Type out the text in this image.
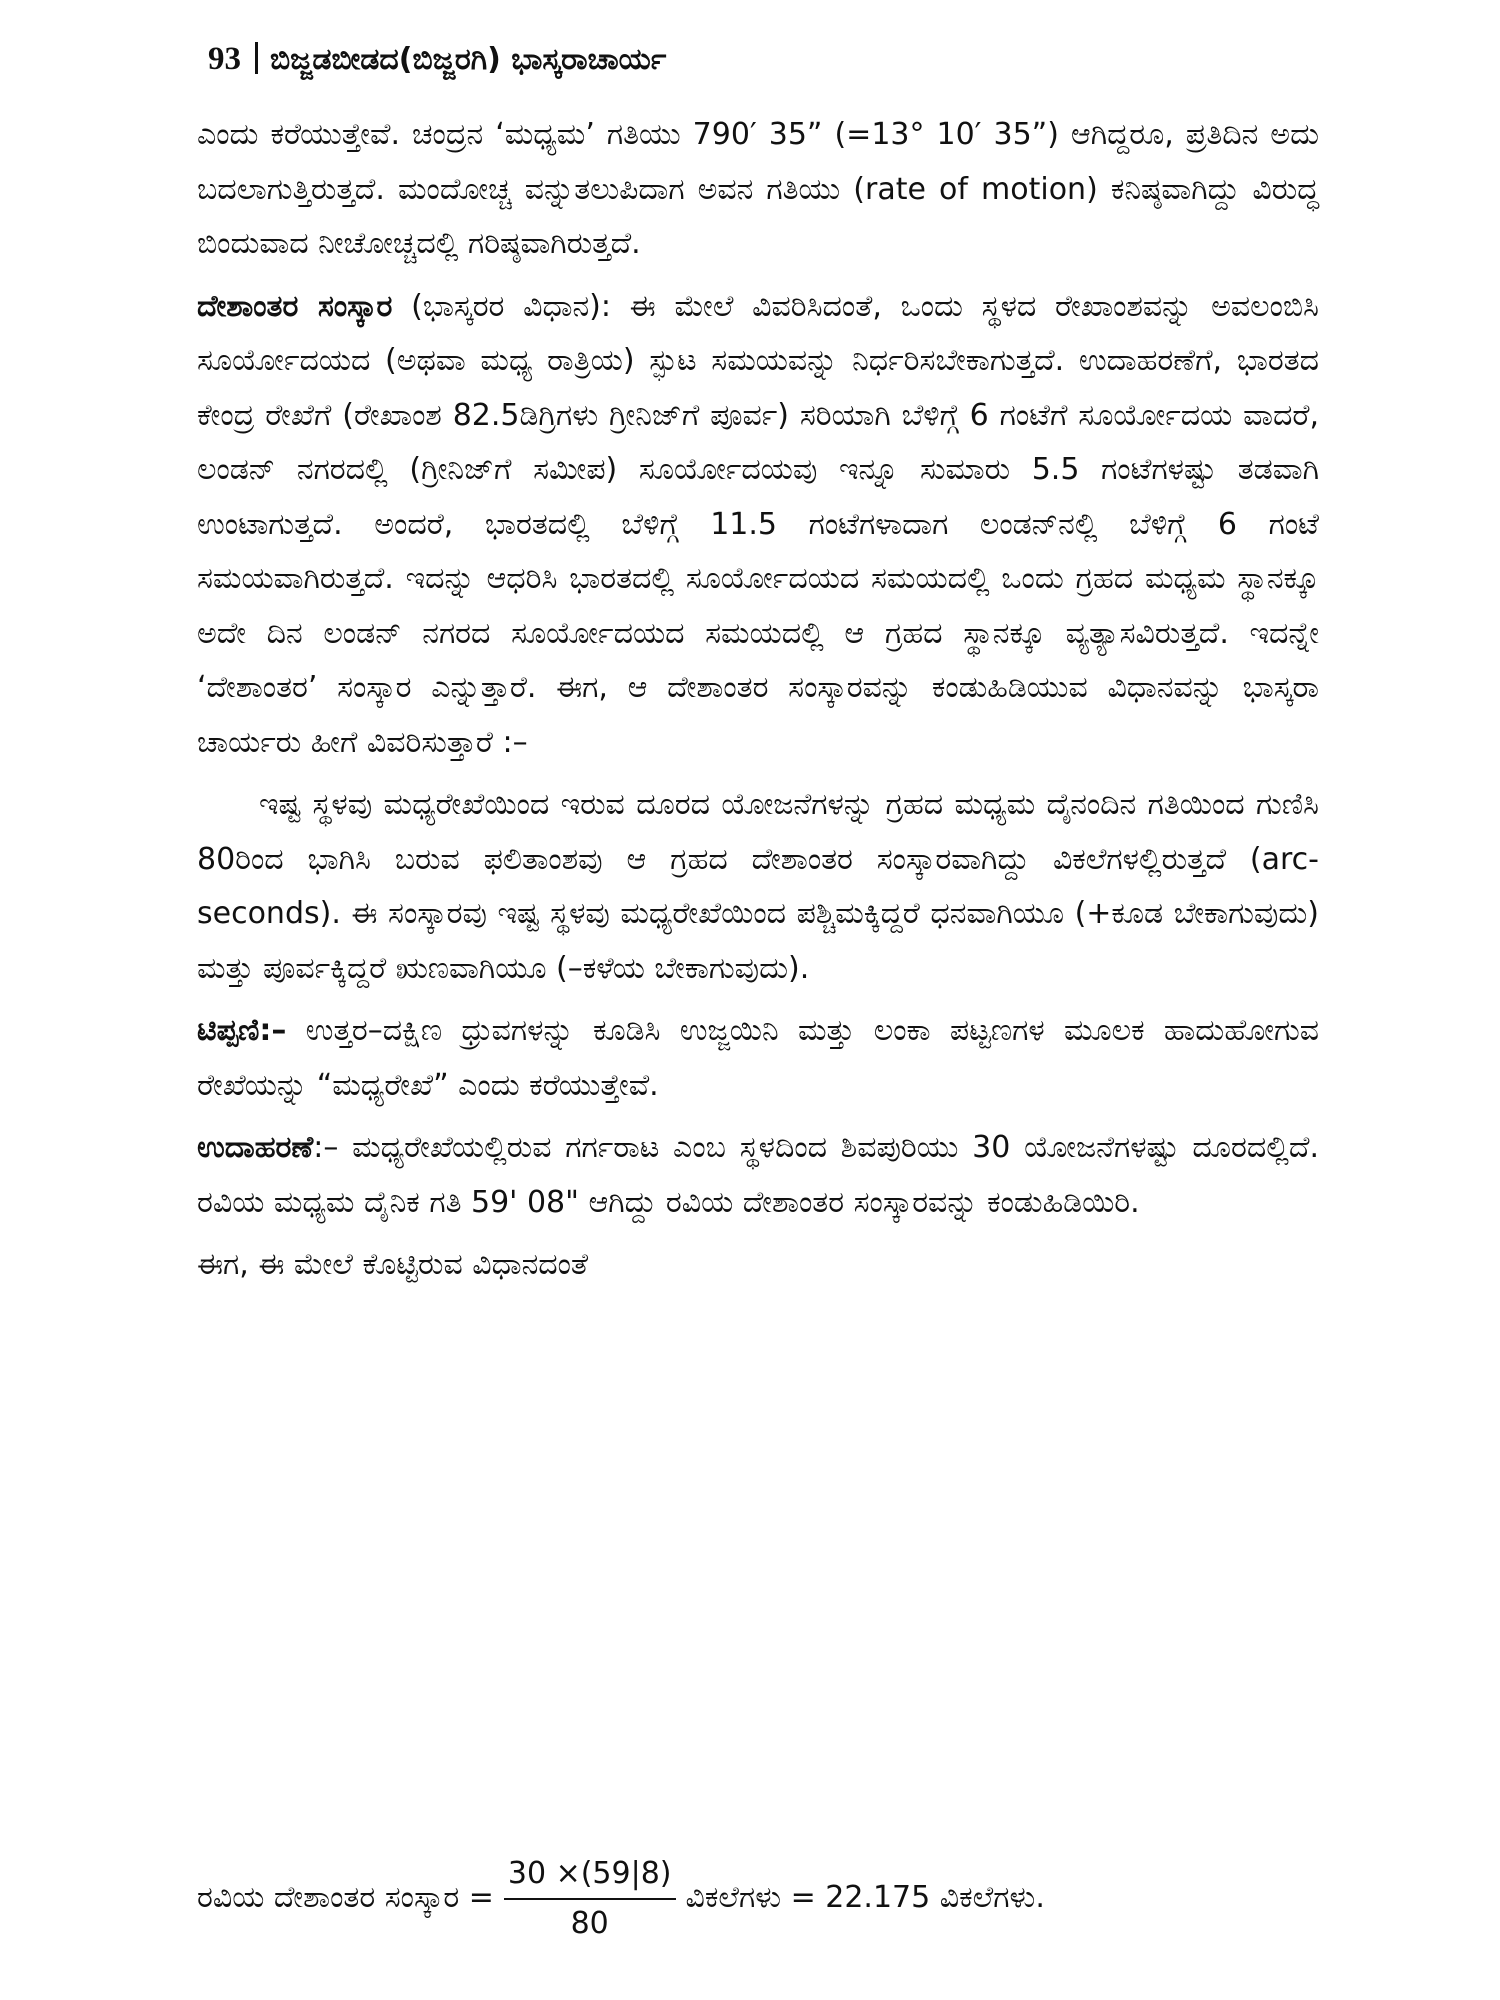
93 ಬಿಜ್ಜಡಬೀಡದ(ಬಿಜ್ಜರಗಿ) ಭಾಸ್ಕರಾಚಾರ್ಯ

ಎಂದು ಕರೆಯುತ್ತೇವೆ. ಚಂದ್ರನ ‘ಮಧ್ಯಮ’ ಗತಿಯು 790′ 35” (=13° 10′ 35”) ಆಗಿದ್ದರೂ, ಪ್ರತಿದಿನ ಅದು ಬದಲಾಗುತ್ತಿರುತ್ತದೆ. ಮಂದೋಚ್ಚ ವನ್ನುತಲುಪಿದಾಗ ಅವನ ಗತಿಯು (rate of motion) ಕನಿಷ್ಠವಾಗಿದ್ದು ವಿರುದ್ಧ ಬಿಂದುವಾದ ನೀಚೋಚ್ಚದಲ್ಲಿ ಗರಿಷ್ಠವಾಗಿರುತ್ತದೆ.

ದೇಶಾಂತರ ಸಂಸ್ಕಾರ (ಭಾಸ್ಕರರ ವಿಧಾನ): ಈ ಮೇಲೆ ವಿವರಿಸಿದಂತೆ, ಒಂದು ಸ್ಥಳದ ರೇಖಾಂಶವನ್ನು ಅವಲಂಬಿಸಿ ಸೂರ್ಯೋದಯದ (ಅಥವಾ ಮಧ್ಯ ರಾತ್ರಿಯ) ಸ್ಫುಟ ಸಮಯವನ್ನು ನಿರ್ಧರಿಸಬೇಕಾಗುತ್ತದೆ. ಉದಾಹರಣೆಗೆ, ಭಾರತದ ಕೇಂದ್ರ ರೇಖೆಗೆ (ರೇಖಾಂಶ 82.5ಡಿಗ್ರಿಗಳು ಗ್ರೀನಿಜ್‌ಗೆ ಪೂರ್ವ) ಸರಿಯಾಗಿ ಬೆಳಿಗ್ಗೆ 6 ಗಂಟೆಗೆ ಸೂರ್ಯೋದಯ ವಾದರೆ, ಲಂಡನ್ ನಗರದಲ್ಲಿ (ಗ್ರೀನಿಜ್‌ಗೆ ಸಮೀಪ) ಸೂರ್ಯೋದಯವು ಇನ್ನೂ ಸುಮಾರು 5.5 ಗಂಟೆಗಳಷ್ಟು ತಡವಾಗಿ ಉಂಟಾಗುತ್ತದೆ. ಅಂದರೆ, ಭಾರತದಲ್ಲಿ ಬೆಳಿಗ್ಗೆ 11.5 ಗಂಟೆಗಳಾದಾಗ ಲಂಡನ್‌ನಲ್ಲಿ ಬೆಳಿಗ್ಗೆ 6 ಗಂಟೆ ಸಮಯವಾಗಿರುತ್ತದೆ. ಇದನ್ನು ಆಧರಿಸಿ ಭಾರತದಲ್ಲಿ ಸೂರ್ಯೋದಯದ ಸಮಯದಲ್ಲಿ ಒಂದು ಗ್ರಹದ ಮಧ್ಯಮ ಸ್ಥಾನಕ್ಕೂ ಅದೇ ದಿನ ಲಂಡನ್ ನಗರದ ಸೂರ್ಯೋದಯದ ಸಮಯದಲ್ಲಿ ಆ ಗ್ರಹದ ಸ್ಥಾನಕ್ಕೂ ವ್ಯತ್ಯಾಸವಿರುತ್ತದೆ. ಇದನ್ನೇ ‘ದೇಶಾಂತರ’ ಸಂಸ್ಕಾರ ಎನ್ನುತ್ತಾರೆ. ಈಗ, ಆ ದೇಶಾಂತರ ಸಂಸ್ಕಾರವನ್ನು ಕಂಡುಹಿಡಿಯುವ ವಿಧಾನವನ್ನು ಭಾಸ್ಕರಾ ಚಾರ್ಯರು ಹೀಗೆ ವಿವರಿಸುತ್ತಾರೆ :–

ಇಷ್ಟ ಸ್ಥಳವು ಮಧ್ಯರೇಖೆಯಿಂದ ಇರುವ ದೂರದ ಯೋಜನೆಗಳನ್ನು ಗ್ರಹದ ಮಧ್ಯಮ ದೈನಂದಿನ ಗತಿಯಿಂದ ಗುಣಿಸಿ 80ರಿಂದ ಭಾಗಿಸಿ ಬರುವ ಫಲಿತಾಂಶವು ಆ ಗ್ರಹದ ದೇಶಾಂತರ ಸಂಸ್ಕಾರವಾಗಿದ್ದು ವಿಕಲೆಗಳಲ್ಲಿರುತ್ತದೆ (arc-seconds). ಈ ಸಂಸ್ಕಾರವು ಇಷ್ಟ ಸ್ಥಳವು ಮಧ್ಯರೇಖೆಯಿಂದ ಪಶ್ಚಿಮಕ್ಕಿದ್ದರೆ ಧನವಾಗಿಯೂ (+ಕೂಡ ಬೇಕಾಗುವುದು) ಮತ್ತು ಪೂರ್ವಕ್ಕಿದ್ದರೆ ಋಣವಾಗಿಯೂ (–ಕಳೆಯ ಬೇಕಾಗುವುದು).

ಟಿಪ್ಪಣಿ:– ಉತ್ತರ–ದಕ್ಷಿಣ ಧ್ರುವಗಳನ್ನು ಕೂಡಿಸಿ ಉಜ್ಜಯಿನಿ ಮತ್ತು ಲಂಕಾ ಪಟ್ಟಣಗಳ ಮೂಲಕ ಹಾದುಹೋಗುವ ರೇಖೆಯನ್ನು “ಮಧ್ಯರೇಖೆ” ಎಂದು ಕರೆಯುತ್ತೇವೆ.

ಉದಾಹರಣೆ:– ಮಧ್ಯರೇಖೆಯಲ್ಲಿರುವ ಗರ್ಗರಾಟ ಎಂಬ ಸ್ಥಳದಿಂದ ಶಿವಪುರಿಯು 30 ಯೋಜನೆಗಳಷ್ಟು ದೂರದಲ್ಲಿದೆ. ರವಿಯ ಮಧ್ಯಮ ದೈನಿಕ ಗತಿ 59' 08" ಆಗಿದ್ದು ರವಿಯ ದೇಶಾಂತರ ಸಂಸ್ಕಾರವನ್ನು ಕಂಡುಹಿಡಿಯಿರಿ.

ಈಗ, ಈ ಮೇಲೆ ಕೊಟ್ಟಿರುವ ವಿಧಾನದಂತೆ

ರವಿಯ ದೇಶಾಂತರ ಸಂಸ್ಕಾರ = $\frac{30 \times(59|8)}{80}$ ವಿಕಲೆಗಳು = 22.175 ವಿಕಲೆಗಳು.
